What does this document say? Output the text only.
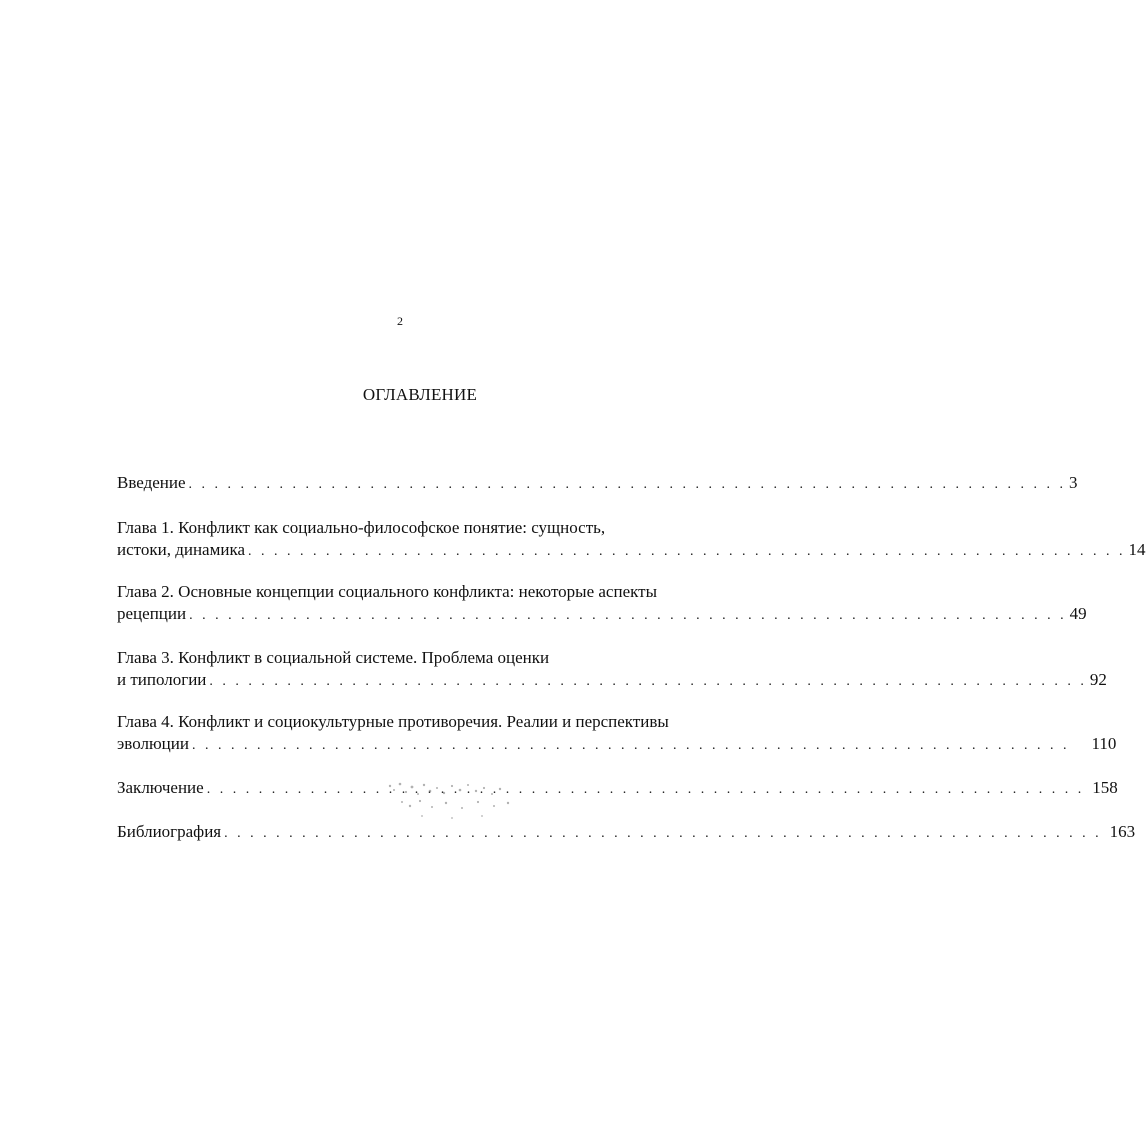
2
ОГЛАВЛЕНИЕ
Введение . . . . . . . . . . . . . . . . . . . . . . . . . . . . . . . . . . . . . . . . . . . . . . . . . . . . . . . . . . . . . . . . . . . . 3
Глава 1. Конфликт как социально-философское понятие: сущность,
истоки, динамика . . . . . . . . . . . . . . . . . . . . . . . . . . . . . . . . . . . . . . . . . . . . . . . . . . . . . . . . . . . . . . . . . . . . 14
Глава 2. Основные концепции социального конфликта: некоторые аспекты
рецепции . . . . . . . . . . . . . . . . . . . . . . . . . . . . . . . . . . . . . . . . . . . . . . . . . . . . . . . . . . . . . . . . . . . . 49
Глава 3. Конфликт в социальной системе. Проблема оценки
и типологии . . . . . . . . . . . . . . . . . . . . . . . . . . . . . . . . . . . . . . . . . . . . . . . . . . . . . . . . . . . . . . . . . . . . 92
Глава 4. Конфликт и социокультурные противоречия. Реалии и перспективы
эволюции . . . . . . . . . . . . . . . . . . . . . . . . . . . . . . . . . . . . . . . . . . . . . . . . . . . . . . . . . . . . . . . . . . . . 110
Заключение . . . . . . . . . . . . . . . . . . . . . . . . . . . . . . . . . . . . . . . . . . . . . . . . . . . . . . . . . . . . . . . . . . . . 158
Библиография . . . . . . . . . . . . . . . . . . . . . . . . . . . . . . . . . . . . . . . . . . . . . . . . . . . . . . . . . . . . . . . . . . . . 163
